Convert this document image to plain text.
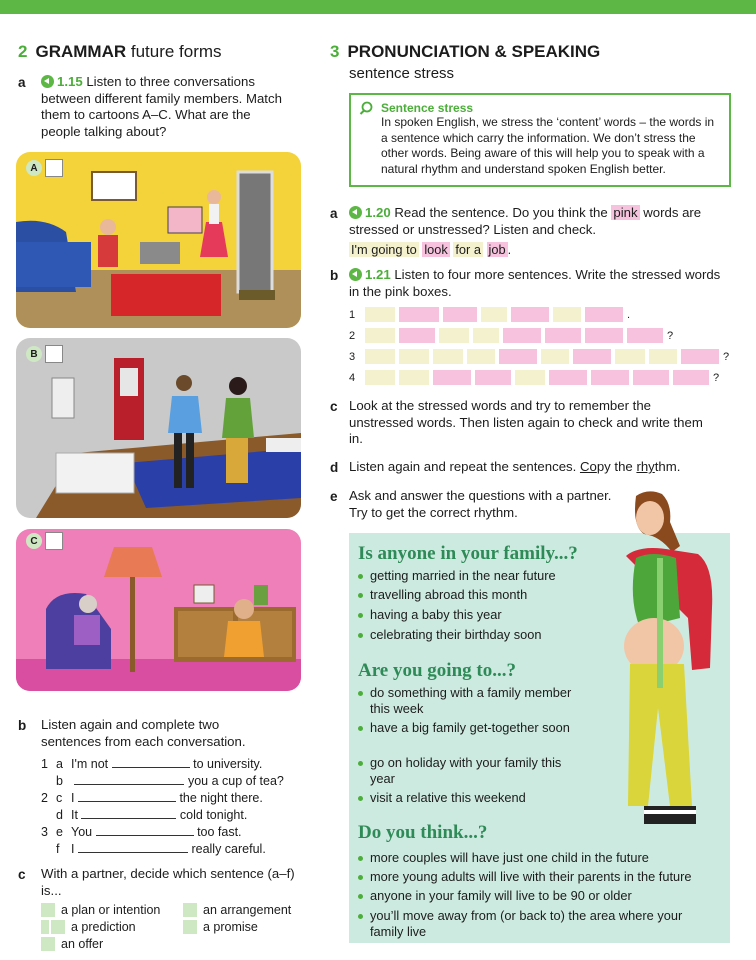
2 GRAMMAR future forms
a	1.15 Listen to three conversations between different family members. Match them to cartoons A–C. What are the people talking about?
A
B
C
b Listen again and complete two sentences from each conversation.
1 a I'm not	to university.
b	you a cup of tea?
2 c I	the night there.
d It	cold tonight.
3 e You	too fast.
f I	really careful.
c With a partner, decide which sentence (a–f) is...
a plan or intention	an arrangement
a prediction	a promise
an offer
3 PRONUNCIATION & SPEAKING
sentence stress
Sentence stress
In spoken English, we stress the ‘content’ words – the words in a sentence which carry the information. We don’t stress the other words. Being aware of this will help you to speak with a natural rhythm and understand spoken English better.
a	1.20 Read the sentence. Do you think the pink words are stressed or unstressed? Listen and check.
I'm going to look for a job .
b	1.21 Listen to four more sentences. Write the stressed words in the pink boxes.
1	.
2	?
3	?
4	?
c Look at the stressed words and try to remember the unstressed words. Then listen again to check and write them in.
d Listen again and repeat the sentences. Copy the rhythm.
e Ask and answer the questions with a partner. Try to get the correct rhythm.
Is anyone in your family...?
getting married in the near future
travelling abroad this month
having a baby this year
celebrating their birthday soon
Are you going to...?
do something with a family member this week
have a big family get-together soon
go on holiday with your family this year
visit a relative this weekend
Do you think...?
more couples will have just one child in the future
more young adults will live with their parents in the future
anyone in your family will live to be 90 or older
you’ll move away from (or back to) the area where your family live
